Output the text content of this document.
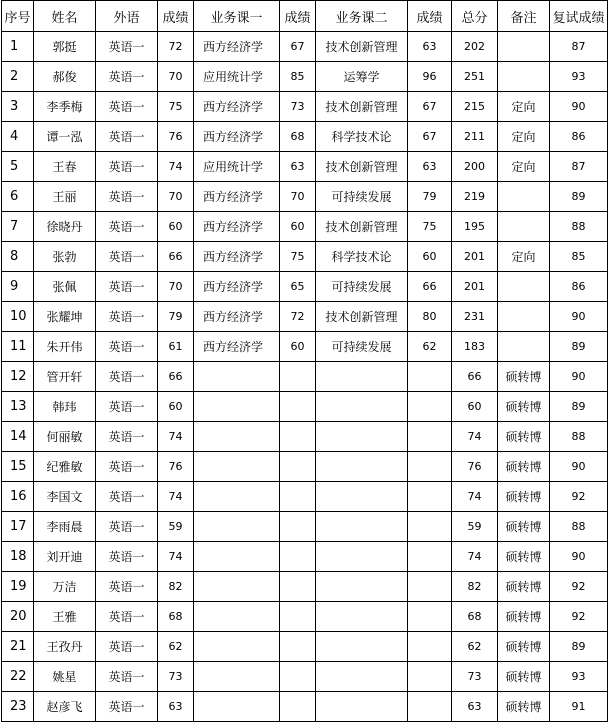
序号	姓名	外语	成绩	业务课一	成绩	业务课二	成绩	总分	备注	复试成绩
1	郭挺	英语一	72	西方经济学	67	技术创新管理	63	202		87
2	郝俊	英语一	70	应用统计学	85	运筹学	96	251		93
3	李季梅	英语一	75	西方经济学	73	技术创新管理	67	215	定向	90
4	谭一泓	英语一	76	西方经济学	68	科学技术论	67	211	定向	86
5	王春	英语一	74	应用统计学	63	技术创新管理	63	200	定向	87
6	王丽	英语一	70	西方经济学	70	可持续发展	79	219		89
7	徐晓丹	英语一	60	西方经济学	60	技术创新管理	75	195		88
8	张勃	英语一	66	西方经济学	75	科学技术论	60	201	定向	85
9	张佩	英语一	70	西方经济学	65	可持续发展	66	201		86
10	张耀坤	英语一	79	西方经济学	72	技术创新管理	80	231		90
11	朱开伟	英语一	61	西方经济学	60	可持续发展	62	183		89
12	管开轩	英语一	66					66	硕转博	90
13	韩玮	英语一	60					60	硕转博	89
14	何丽敏	英语一	74					74	硕转博	88
15	纪雅敏	英语一	76					76	硕转博	90
16	李国文	英语一	74					74	硕转博	92
17	李雨晨	英语一	59					59	硕转博	88
18	刘开迪	英语一	74					74	硕转博	90
19	万洁	英语一	82					82	硕转博	92
20	王雅	英语一	68					68	硕转博	92
21	王孜丹	英语一	62					62	硕转博	89
22	姚星	英语一	73					73	硕转博	93
23	赵彦飞	英语一	63					63	硕转博	91
